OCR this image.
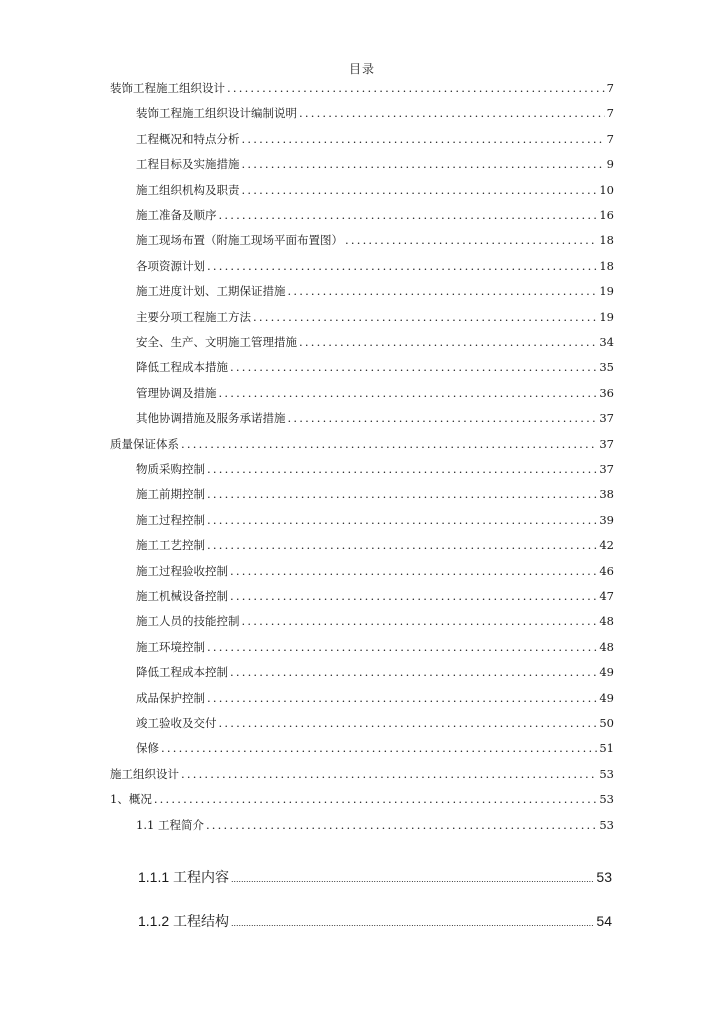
目录
装饰工程施工组织设计 .....	7
装饰工程施工组织设计编制说明 .....	7
工程概况和特点分析 .....	7
工程目标及实施措施 .....	9
施工组织机构及职责 .....	10
施工准备及顺序 .....	16
施工现场布置（附施工现场平面布置图） .....	18
各项资源计划 .....	18
施工进度计划、工期保证措施 .....	19
主要分项工程施工方法 .....	19
安全、生产、文明施工管理措施 .....	34
降低工程成本措施 .....	35
管理协调及措施 .....	36
其他协调措施及服务承诺措施 .....	37
质量保证体系 .....	37
物质采购控制 .....	37
施工前期控制 .....	38
施工过程控制 .....	39
施工工艺控制 .....	42
施工过程验收控制 .....	46
施工机械设备控制 .....	47
施工人员的技能控制 .....	48
施工环境控制 .....	48
降低工程成本控制 .....	49
成品保护控制 .....	49
竣工验收及交付 .....	50
保修 .....	51
施工组织设计 .....	53
1、概况 .....	53
1.1 工程简介 .....	53
1.1.1 工程内容 .....	53
1.1.2 工程结构 .....	54
